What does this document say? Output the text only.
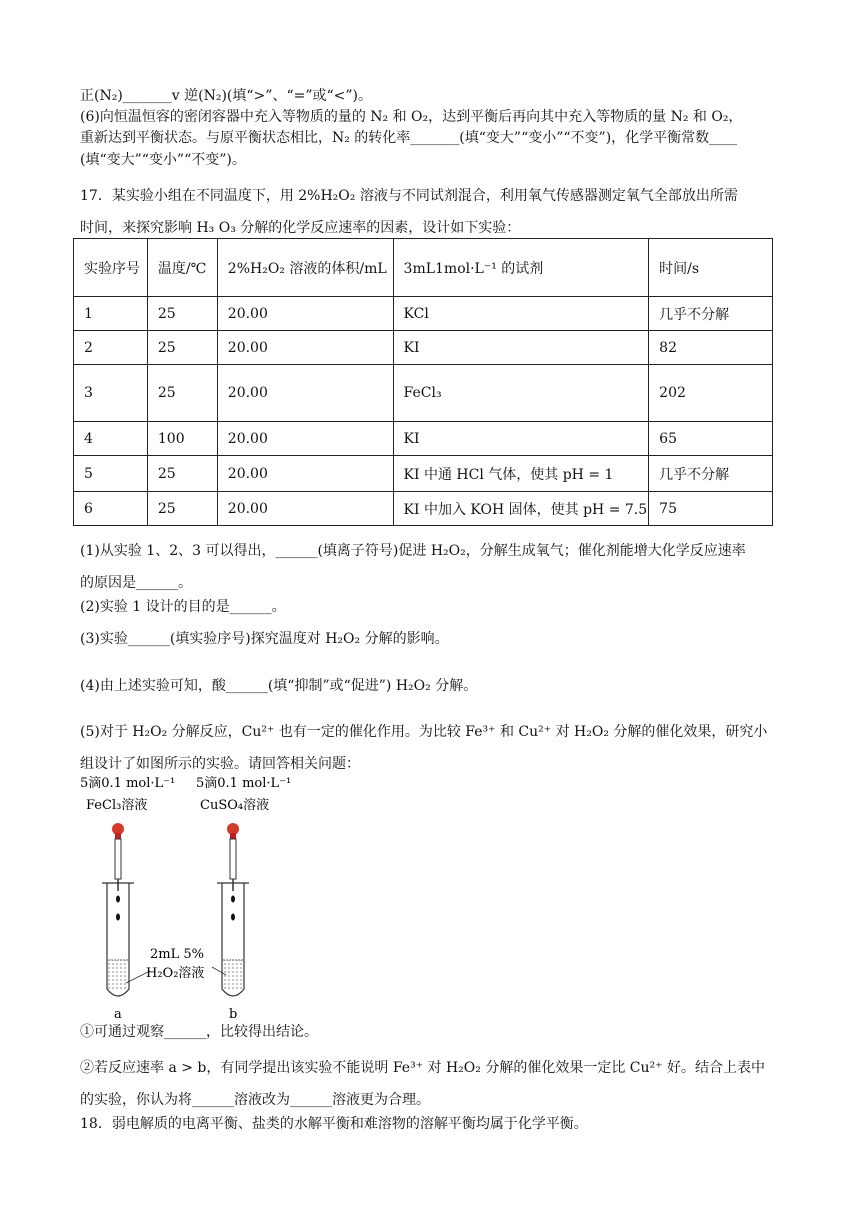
正(N₂)_______v 逆(N₂)(填“>”、“=”或“<”)。
(6)向恒温恒容的密闭容器中充入等物质的量的 N₂ 和 O₂，达到平衡后再向其中充入等物质的量 N₂ 和 O₂，
重新达到平衡状态。与原平衡状态相比，N₂ 的转化率_______(填“变大”“变小”“不变”)，化学平衡常数____
(填“变大”“变小”“不变”)。
17．某实验小组在不同温度下，用 2%H₂O₂ 溶液与不同试剂混合，利用氧气传感器测定氧气全部放出所需
时间，来探究影响 H₃ O₃ 分解的化学反应速率的因素，设计如下实验：
实验序号	温度/℃	2%H₂O₂ 溶液的体积/mL	3mL1mol·L⁻¹ 的试剂	时间/s
1	25	20.00	KCl	几乎不分解
2	25	20.00	KI	82
3	25	20.00	FeCl₃	202
4	100	20.00	KI	65
5	25	20.00	KI 中通 HCl 气体，使其 pH = 1	几乎不分解
6	25	20.00	KI 中加入 KOH 固体，使其 pH = 7.5	75
(1)从实验 1、2、3 可以得出，______(填离子符号)促进 H₂O₂，分解生成氧气；催化剂能增大化学反应速率
的原因是______。
(2)实验 1 设计的目的是______。
(3)实验______(填实验序号)探究温度对 H₂O₂ 分解的影响。
(4)由上述实验可知，酸______(填“抑制”或“促进”) H₂O₂ 分解。
(5)对于 H₂O₂ 分解反应，Cu²⁺ 也有一定的催化作用。为比较 Fe³⁺ 和 Cu²⁺ 对 H₂O₂ 分解的催化效果，研究小
组设计了如图所示的实验。请回答相关问题：
5滴0.1 mol·L⁻¹
FeCl₃溶液
5滴0.1 mol·L⁻¹
CuSO₄溶液
2mL 5%
H₂O₂溶液
a	b
①可通过观察______，比较得出结论。
②若反应速率 a > b，有同学提出该实验不能说明 Fe³⁺ 对 H₂O₂ 分解的催化效果一定比 Cu²⁺ 好。结合上表中
的实验，你认为将______溶液改为______溶液更为合理。
18．弱电解质的电离平衡、盐类的水解平衡和难溶物的溶解平衡均属于化学平衡。
